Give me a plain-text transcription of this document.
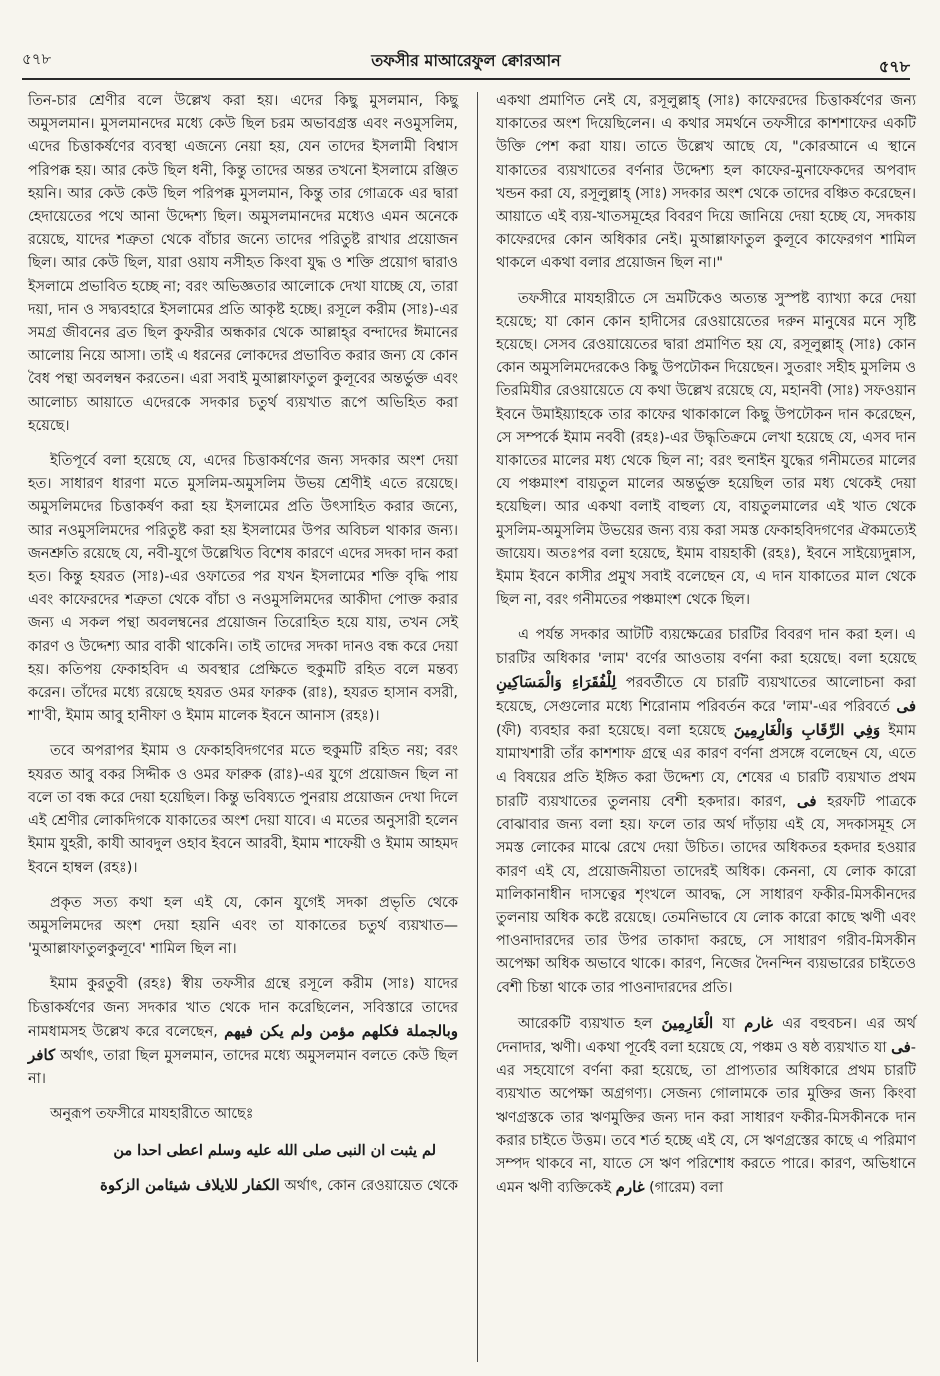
৫৭৮	তফসীর মাআরেফুল ক্বোরআন	৫৭৮

তিন-চার শ্রেণীর বলে উল্লেখ করা হয়। এদের কিছু মুসলমান, কিছু অমুসলমান। মুসলমানদের মধ্যে কেউ ছিল চরম অভাবগ্রস্ত এবং নওমুসলিম, এদের চিত্তাকর্ষণের ব্যবস্থা এজন্যে নেয়া হয়, যেন তাদের ইসলামী বিশ্বাস পরিপক্ক হয়। আর কেউ ছিল ধনী, কিন্তু তাদের অন্তর তখনো ইসলামে রঞ্জিত হয়নি। আর কেউ কেউ ছিল পরিপক্ক মুসলমান, কিন্তু তার গোত্রকে এর দ্বারা হেদায়েতের পথে আনা উদ্দেশ্য ছিল। অমুসলমানদের মধ্যেও এমন অনেকে রয়েছে, যাদের শত্রুতা থেকে বাঁচার জন্যে তাদের পরিতুষ্ট রাখার প্রয়োজন ছিল। আর কেউ ছিল, যারা ওয়ায নসীহত কিংবা যুদ্ধ ও শক্তি প্রয়োগ দ্বারাও ইসলামে প্রভাবিত হচ্ছে না; বরং অভিজ্ঞতার আলোকে দেখা যাচ্ছে যে, তারা দয়া, দান ও সদ্ব্যবহারে ইসলামের প্রতি আকৃষ্ট হচ্ছে। রসূলে করীম (সাঃ)-এর সমগ্র জীবনের ব্রত ছিল কুফরীর অন্ধকার থেকে আল্লাহ্‌র বন্দাদের ঈমানের আলোয় নিয়ে আসা। তাই এ ধরনের লোকদের প্রভাবিত করার জন্য যে কোন বৈধ পন্থা অবলম্বন করতেন। এরা সবাই মুআল্লাফাতুল কুলূবের অন্তর্ভুক্ত এবং আলোচ্য আয়াতে এদেরকে সদকার চতুর্থ ব্যয়খাত রূপে অভিহিত করা হয়েছে।

ইতিপূর্বে বলা হয়েছে যে, এদের চিত্তাকর্ষণের জন্য সদকার অংশ দেয়া হত। সাধারণ ধারণা মতে মুসলিম-অমুসলিম উভয় শ্রেণীই এতে রয়েছে। অমুসলিমদের চিত্তাকর্ষণ করা হয় ইসলামের প্রতি উৎসাহিত করার জন্যে, আর নওমুসলিমদের পরিতুষ্ট করা হয় ইসলামের উপর অবিচল থাকার জন্য। জনশ্রুতি রয়েছে যে, নবী-যুগে উল্লেখিত বিশেষ কারণে এদের সদকা দান করা হত। কিন্তু হযরত (সাঃ)-এর ওফাতের পর যখন ইসলামের শক্তি বৃদ্ধি পায় এবং কাফেরদের শত্রুতা থেকে বাঁচা ও নওমুসলিমদের আকীদা পোক্ত করার জন্য এ সকল পন্থা অবলম্বনের প্রয়োজন তিরোহিত হয়ে যায়, তখন সেই কারণ ও উদ্দেশ্য আর বাকী থাকেনি। তাই তাদের সদকা দানও বন্ধ করে দেয়া হয়। কতিপয় ফেকাহবিদ এ অবস্থার প্রেক্ষিতে হুকুমটি রহিত বলে মন্তব্য করেন। তাঁদের মধ্যে রয়েছে হযরত ওমর ফারুক (রাঃ), হযরত হাসান বসরী, শা'বী, ইমাম আবু হানীফা ও ইমাম মালেক ইবনে আনাস (রহঃ)।

তবে অপরাপর ইমাম ও ফেকাহবিদগণের মতে হুকুমটি রহিত নয়; বরং হযরত আবু বকর সিদ্দীক ও ওমর ফারুক (রাঃ)-এর যুগে প্রয়োজন ছিল না বলে তা বন্ধ করে দেয়া হয়েছিল। কিন্তু ভবিষ্যতে পুনরায় প্রয়োজন দেখা দিলে এই শ্রেণীর লোকদিগকে যাকাতের অংশ দেয়া যাবে। এ মতের অনুসারী হলেন ইমাম যুহরী, কাযী আবদুল ওহাব ইবনে আরবী, ইমাম শাফেয়ী ও ইমাম আহমদ ইবনে হাম্বল (রহঃ)।

প্রকৃত সত্য কথা হল এই যে, কোন যুগেই সদকা প্রভৃতি থেকে অমুসলিমদের অংশ দেয়া হয়নি এবং তা যাকাতের চতুর্থ ব্যয়খাত— 'মুআল্লাফাতুলকুলূবে' শামিল ছিল না।

ইমাম কুরতুবী (রহঃ) স্বীয় তফসীর গ্রন্থে রসূলে করীম (সাঃ) যাদের চিত্তাকর্ষণের জন্য সদকার খাত থেকে দান করেছিলেন, সবিস্তারে তাদের নামধামসহ উল্লেখ করে বলেছেন, وبالجملة فكلهم مؤمن ولم يكن فيهم كافر অর্থাৎ, তারা ছিল মুসলমান, তাদের মধ্যে অমুসলমান বলতে কেউ ছিল না।

অনুরূপ তফসীরে মাযহারীতে আছেঃ

لم يثبت ان النبى صلى الله عليه وسلم اعطى احدا من

الكفار للايلاف شيئامن الزكوة অর্থাৎ, কোন রেওয়ায়েত থেকে

একথা প্রমাণিত নেই যে, রসূলুল্লাহ্ (সাঃ) কাফেরদের চিত্তাকর্ষণের জন্য যাকাতের অংশ দিয়েছিলেন। এ কথার সমর্থনে তফসীরে কাশশাফের একটি উক্তি পেশ করা যায়। তাতে উল্লেখ আছে যে, "কোরআনে এ স্থানে যাকাতের ব্যয়খাতের বর্ণনার উদ্দেশ্য হল কাফের-মুনাফেকদের অপবাদ খন্ডন করা যে, রসূলুল্লাহ্ (সাঃ) সদকার অংশ থেকে তাদের বঞ্চিত করেছেন। আয়াতে এই ব্যয়-খাতসমূহের বিবরণ দিয়ে জানিয়ে দেয়া হচ্ছে যে, সদকায় কাফেরদের কোন অধিকার নেই। মুআল্লাফাতুল কুলূবে কাফেরগণ শামিল থাকলে একথা বলার প্রয়োজন ছিল না।"

তফসীরে মাযহারীতে সে ভ্রমটিকেও অত্যন্ত সুস্পষ্ট ব্যাখ্যা করে দেয়া হয়েছে; যা কোন কোন হাদীসের রেওয়ায়েতের দরুন মানুষের মনে সৃষ্টি হয়েছে। সেসব রেওয়ায়েতের দ্বারা প্রমাণিত হয় যে, রসূলুল্লাহ্ (সাঃ) কোন কোন অমুসলিমদেরকেও কিছু উপঢৌকন দিয়েছেন। সুতরাং সহীহ মুসলিম ও তিরমিযীর রেওয়ায়েতে যে কথা উল্লেখ রয়েছে যে, মহানবী (সাঃ) সফওয়ান ইবনে উমাইয়্যাহকে তার কাফের থাকাকালে কিছু উপঢৌকন দান করেছেন, সে সম্পর্কে ইমাম নববী (রহঃ)-এর উদ্ধৃতিক্রমে লেখা হয়েছে যে, এসব দান যাকাতের মালের মধ্য থেকে ছিল না; বরং হুনাইন যুদ্ধের গনীমতের মালের যে পঞ্চমাংশ বায়তুল মালের অন্তর্ভুক্ত হয়েছিল তার মধ্য থেকেই দেয়া হয়েছিল। আর একথা বলাই বাহুল্য যে, বায়তুলমালের এই খাত থেকে মুসলিম-অমুসলিম উভয়ের জন্য ব্যয় করা সমস্ত ফেকাহবিদগণের ঐকমত্যেই জায়েয। অতঃপর বলা হয়েছে, ইমাম বায়হাকী (রহঃ), ইবনে সাইয়্যেদুন্নাস, ইমাম ইবনে কাসীর প্রমুখ সবাই বলেছেন যে, এ দান যাকাতের মাল থেকে ছিল না, বরং গনীমতের পঞ্চমাংশ থেকে ছিল।

এ পর্যন্ত সদকার আটটি ব্যয়ক্ষেত্রের চারটির বিবরণ দান করা হল। এ চারটির অধিকার 'লাম' বর্ণের আওতায় বর্ণনা করা হয়েছে। বলা হয়েছে لِلْفُقَرَاءِ وَالْمَسَاكِينِ পরবর্তীতে যে চারটি ব্যয়খাতের আলোচনা করা হয়েছে, সেগুলোর মধ্যে শিরোনাম পরিবর্তন করে 'লাম'-এর পরিবর্তে فى (ফী) ব্যবহার করা হয়েছে। বলা হয়েছে وَفِي الرِّقَابِ وَالْغَارِمِينَ ইমাম যামাখশারী তাঁর কাশশাফ গ্রন্থে এর কারণ বর্ণনা প্রসঙ্গে বলেছেন যে, এতে এ বিষয়ের প্রতি ইঙ্গিত করা উদ্দেশ্য যে, শেষের এ চারটি ব্যয়খাত প্রথম চারটি ব্যয়খাতের তুলনায় বেশী হকদার। কারণ, فى হরফটি পাত্রকে বোঝাবার জন্য বলা হয়। ফলে তার অর্থ দাঁড়ায় এই যে, সদকাসমূহ সে সমস্ত লোকের মাঝে রেখে দেয়া উচিত। তাদের অধিকতর হকদার হওয়ার কারণ এই যে, প্রয়োজনীয়তা তাদেরই অধিক। কেননা, যে লোক কারো মালিকানাধীন দাসত্বের শৃংখলে আবদ্ধ, সে সাধারণ ফকীর-মিসকীনদের তুলনায় অধিক কষ্টে রয়েছে। তেমনিভাবে যে লোক কারো কাছে ঋণী এবং পাওনাদারদের তার উপর তাকাদা করছে, সে সাধারণ গরীব-মিসকীন অপেক্ষা অধিক অভাবে থাকে। কারণ, নিজের দৈনন্দিন ব্যয়ভারের চাইতেও বেশী চিন্তা থাকে তার পাওনাদারদের প্রতি।

আরেকটি ব্যয়খাত হল الْغَارِمِينَ যা غارم এর বহুবচন। এর অর্থ দেনাদার, ঋণী। একথা পূর্বেই বলা হয়েছে যে, পঞ্চম ও ষষ্ঠ ব্যয়খাত যা فى-এর সহযোগে বর্ণনা করা হয়েছে, তা প্রাপ্যতার অধিকারে প্রথম চারটি ব্যয়খাত অপেক্ষা অগ্রগণ্য। সেজন্য গোলামকে তার মুক্তির জন্য কিংবা ঋণগ্রস্তকে তার ঋণমুক্তির জন্য দান করা সাধারণ ফকীর-মিসকীনকে দান করার চাইতে উত্তম। তবে শর্ত হচ্ছে এই যে, সে ঋণগ্রস্তের কাছে এ পরিমাণ সম্পদ থাকবে না, যাতে সে ঋণ পরিশোধ করতে পারে। কারণ, অভিধানে এমন ঋণী ব্যক্তিকেই غارم (গারেম) বলা
